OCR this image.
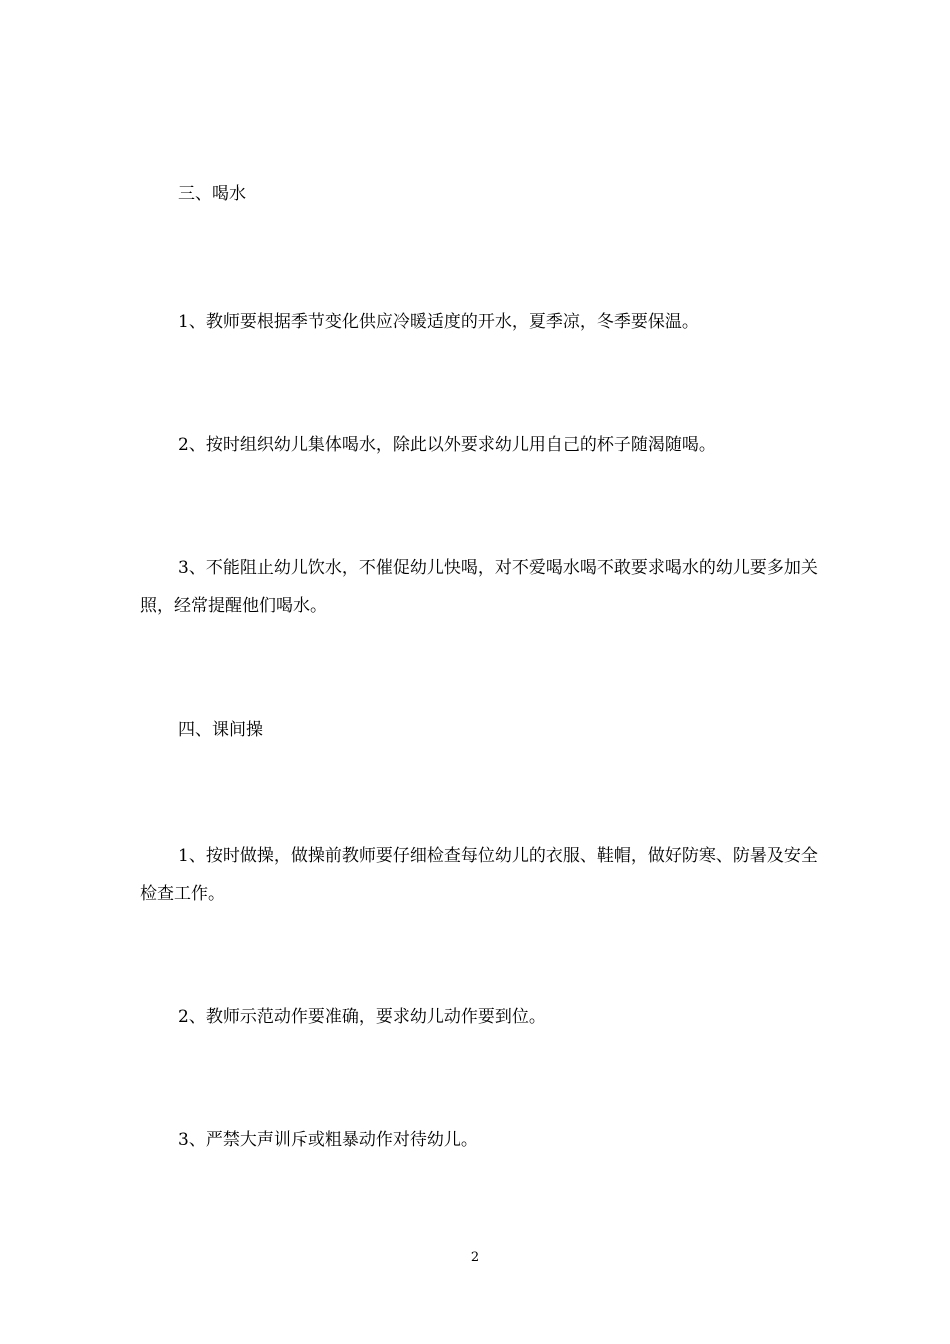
三、喝水

1、教师要根据季节变化供应冷暖适度的开水，夏季凉，冬季要保温。

2、按时组织幼儿集体喝水，除此以外要求幼儿用自己的杯子随渴随喝。

3、不能阻止幼儿饮水，不催促幼儿快喝，对不爱喝水喝不敢要求喝水的幼儿要多加关照，经常提醒他们喝水。

四、课间操

1、按时做操，做操前教师要仔细检查每位幼儿的衣服、鞋帽，做好防寒、防暑及安全检查工作。

2、教师示范动作要准确，要求幼儿动作要到位。

3、严禁大声训斥或粗暴动作对待幼儿。

2
